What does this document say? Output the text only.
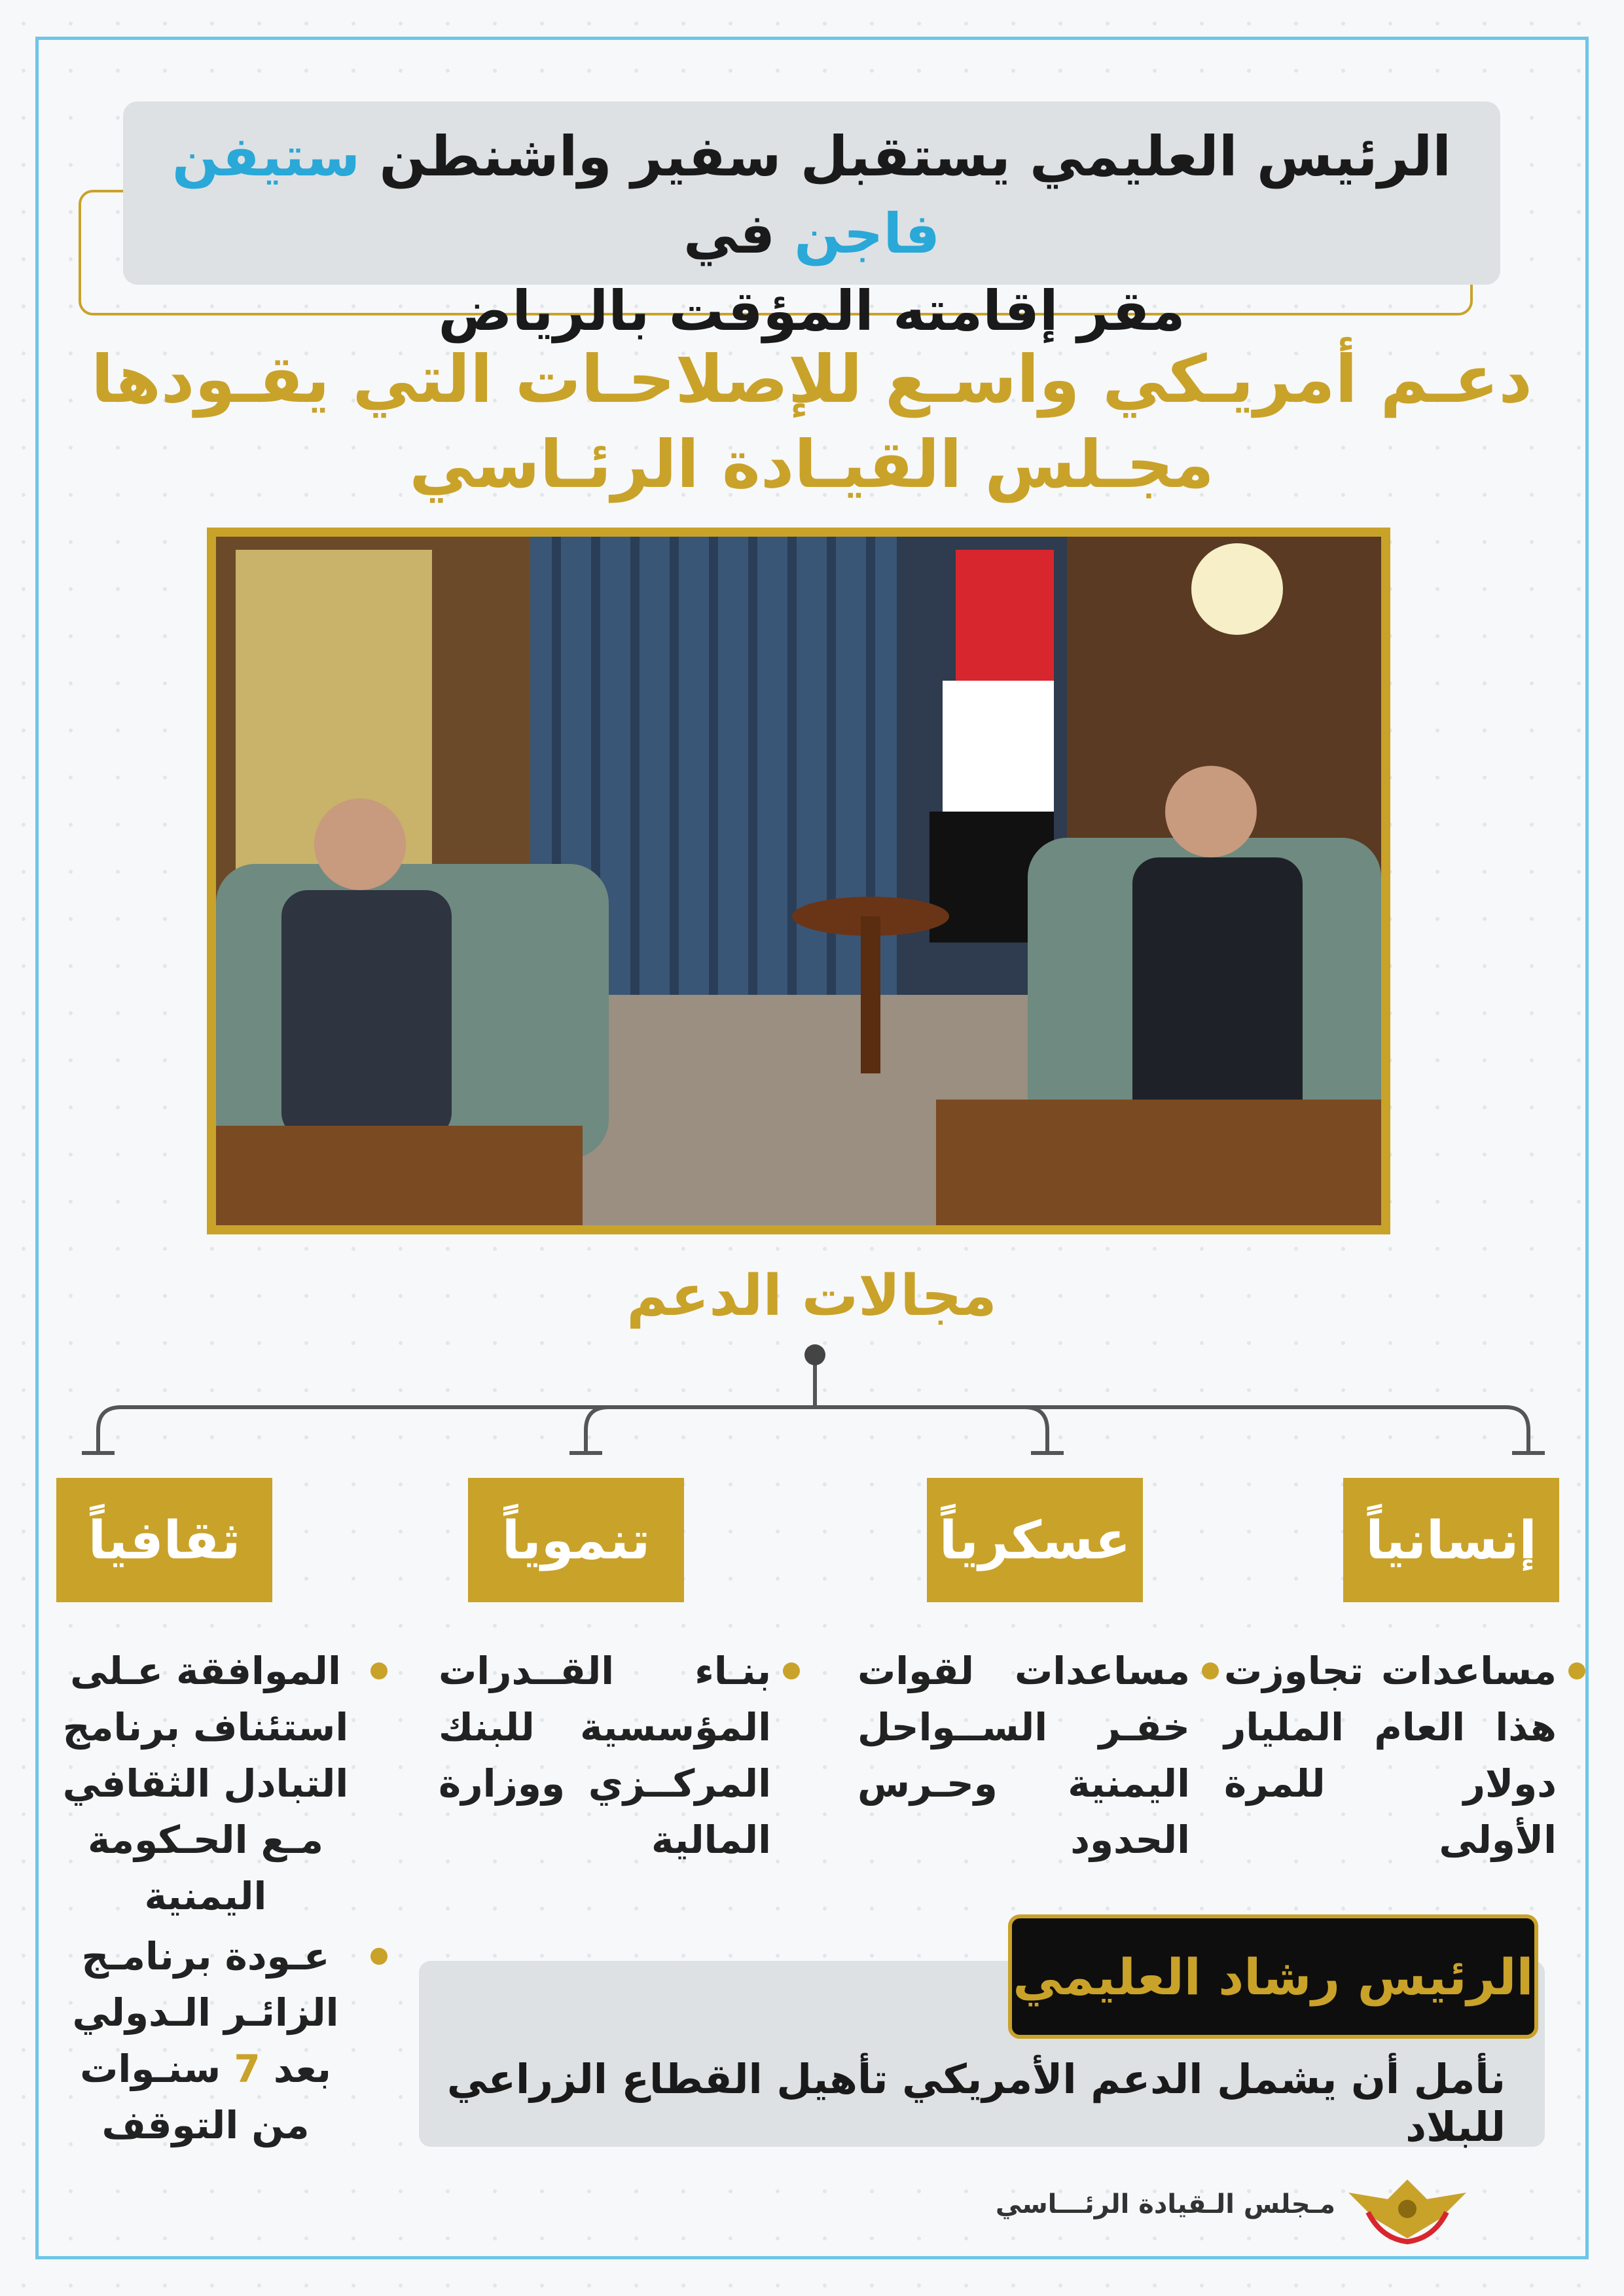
الرئيس العليمي يستقبل سفير واشنطن ستيفن فاجن في
مقر إقامته المؤقت بالرياض
دعـم أمريـكي واسـع للإصلاحـات التي يقـودها
مجـلس القيـادة الرئـاسي
مجالات الدعم
إنسانياً
عسكرياً
تنموياً
ثقافياً

مساعدات تجاوزت هذا العام المليار دولار للمرة الأولى

مساعدات لقوات خفـر الســواحل اليمنية وحـرس الحدود

بنـاء القــدرات المؤسسية للبنك المركــزي ووزارة المالية

الموافقة عـلى استئناف برنامج التبادل الثقافي مـع الحـكومة اليمنية

عـودة برنامـج الزائـر الـدولي بعد 7 سنـوات من التوقف

الرئيس رشاد العليمي
نأمل أن يشمل الدعم الأمريكي تأهيل القطاع الزراعي للبلاد
مـجلس الـقيادة الرئـــاسي
